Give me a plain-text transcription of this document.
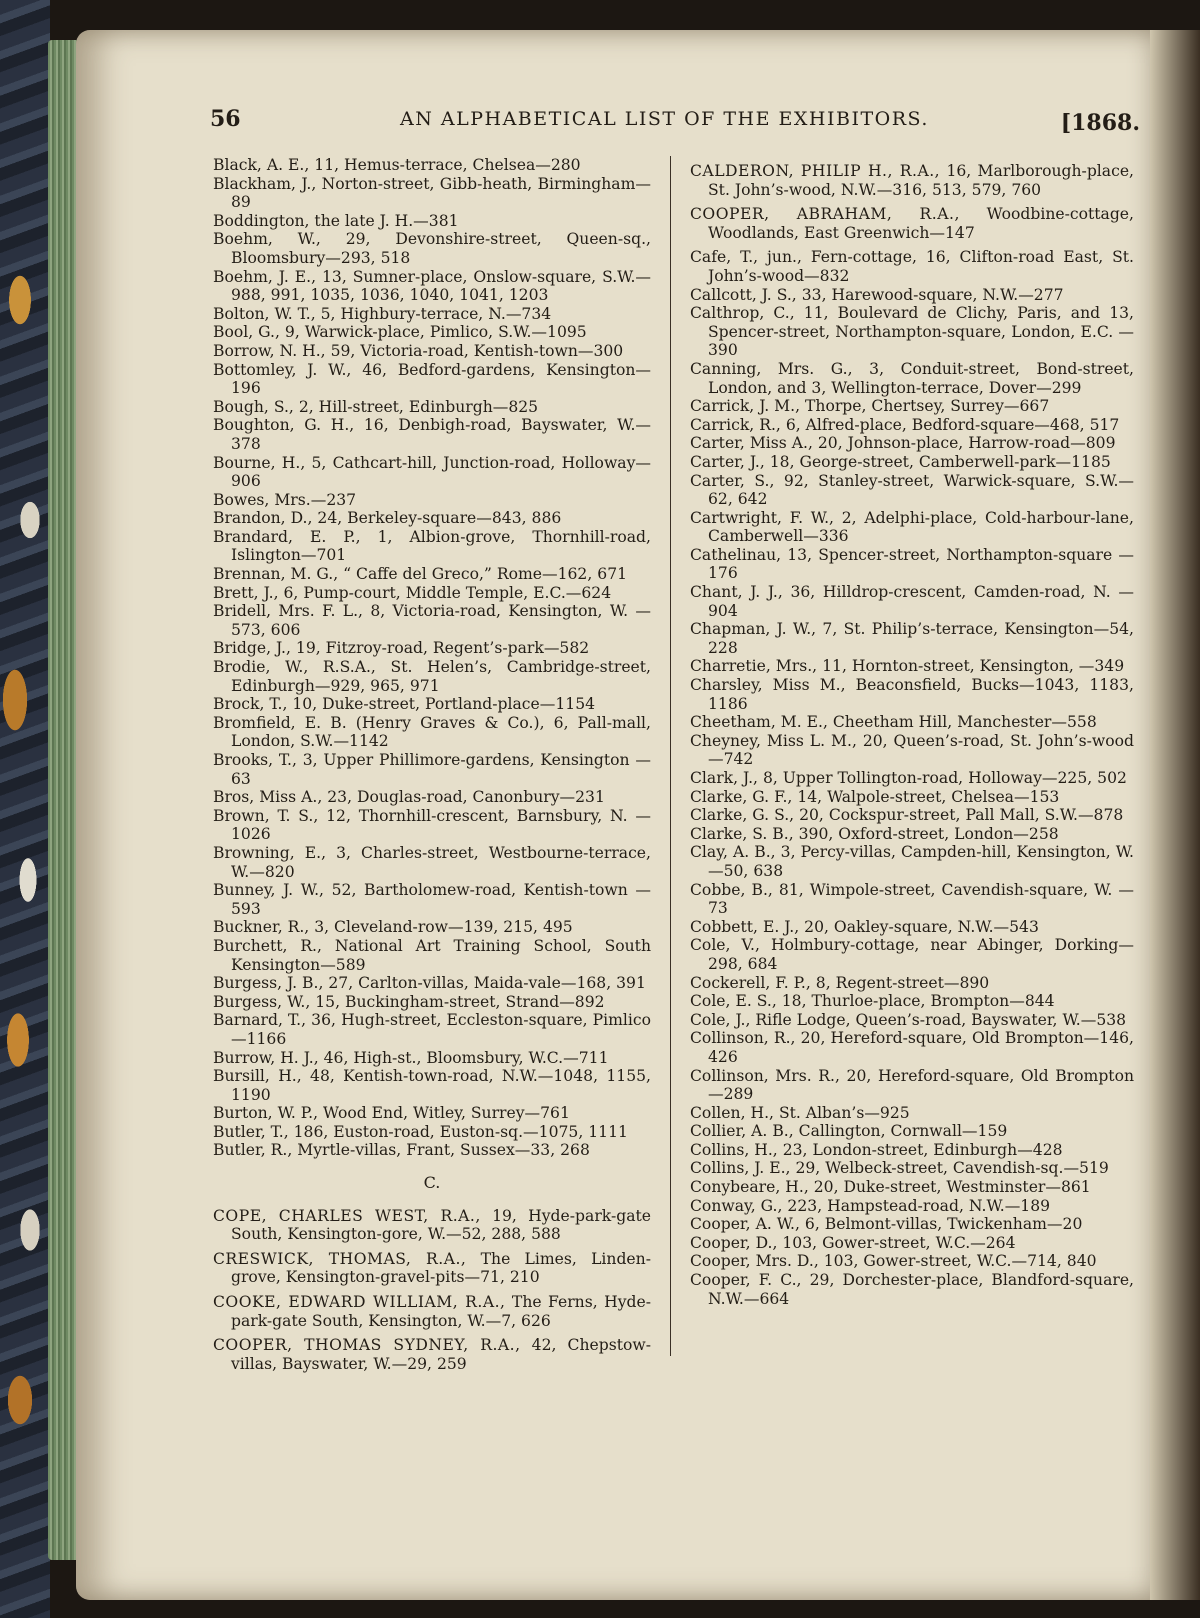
56	AN ALPHABETICAL LIST OF THE EXHIBITORS.	[1868.

Black, A. E., 11, Hemus-terrace, Chelsea—280

Blackham, J., Norton-street, Gibb-heath, Birmingham—89

Boddington, the late J. H.—381

Boehm, W., 29, Devonshire-street, Queen-sq., Bloomsbury—293, 518

Boehm, J. E., 13, Sumner-place, Onslow-square, S.W.—988, 991, 1035, 1036, 1040, 1041, 1203

Bolton, W. T., 5, Highbury-terrace, N.—734

Bool, G., 9, Warwick-place, Pimlico, S.W.—1095

Borrow, N. H., 59, Victoria-road, Kentish-town—300

Bottomley, J. W., 46, Bedford-gardens, Kensington—196

Bough, S., 2, Hill-street, Edinburgh—825

Boughton, G. H., 16, Denbigh-road, Bayswater, W.—378

Bourne, H., 5, Cathcart-hill, Junction-road, Holloway—906

Bowes, Mrs.—237

Brandon, D., 24, Berkeley-square—843, 886

Brandard, E. P., 1, Albion-grove, Thornhill-road, Islington—701

Brennan, M. G., “ Caffe del Greco,” Rome—162, 671

Brett, J., 6, Pump-court, Middle Temple, E.C.—624

Bridell, Mrs. F. L., 8, Victoria-road, Kensington, W. —573, 606

Bridge, J., 19, Fitzroy-road, Regent’s-park—582

Brodie, W., R.S.A., St. Helen’s, Cambridge-street, Edinburgh—929, 965, 971

Brock, T., 10, Duke-street, Portland-place—1154

Bromfield, E. B. (Henry Graves & Co.), 6, Pall-mall, London, S.W.—1142

Brooks, T., 3, Upper Phillimore-gardens, Kensington —63

Bros, Miss A., 23, Douglas-road, Canonbury—231

Brown, T. S., 12, Thornhill-crescent, Barnsbury, N. —1026

Browning, E., 3, Charles-street, Westbourne-terrace, W.—820

Bunney, J. W., 52, Bartholomew-road, Kentish-town —593

Buckner, R., 3, Cleveland-row—139, 215, 495

Burchett, R., National Art Training School, South Kensington—589

Burgess, J. B., 27, Carlton-villas, Maida-vale—168, 391

Burgess, W., 15, Buckingham-street, Strand—892

Barnard, T., 36, Hugh-street, Eccleston-square, Pimlico—1166

Burrow, H. J., 46, High-st., Bloomsbury, W.C.—711

Bursill, H., 48, Kentish-town-road, N.W.—1048, 1155, 1190

Burton, W. P., Wood End, Witley, Surrey—761

Butler, T., 186, Euston-road, Euston-sq.—1075, 1111

Butler, R., Myrtle-villas, Frant, Sussex—33, 268

C.

COPE, CHARLES WEST, R.A., 19, Hyde-park-gate South, Kensington-gore, W.—52, 288, 588

CRESWICK, THOMAS, R.A., The Limes, Linden-grove, Kensington-gravel-pits—71, 210

COOKE, EDWARD WILLIAM, R.A., The Ferns, Hyde-park-gate South, Kensington, W.—7, 626

COOPER, THOMAS SYDNEY, R.A., 42, Chepstow-villas, Bayswater, W.—29, 259

CALDERON, PHILIP H., R.A., 16, Marlborough-place, St. John’s-wood, N.W.—316, 513, 579, 760

COOPER, ABRAHAM, R.A., Woodbine-cottage, Woodlands, East Greenwich—147

Cafe, T., jun., Fern-cottage, 16, Clifton-road East, St. John’s-wood—832

Callcott, J. S., 33, Harewood-square, N.W.—277

Calthrop, C., 11, Boulevard de Clichy, Paris, and 13, Spencer-street, Northampton-square, London, E.C. —390

Canning, Mrs. G., 3, Conduit-street, Bond-street, London, and 3, Wellington-terrace, Dover—299

Carrick, J. M., Thorpe, Chertsey, Surrey—667

Carrick, R., 6, Alfred-place, Bedford-square—468, 517

Carter, Miss A., 20, Johnson-place, Harrow-road—809

Carter, J., 18, George-street, Camberwell-park—1185

Carter, S., 92, Stanley-street, Warwick-square, S.W.—62, 642

Cartwright, F. W., 2, Adelphi-place, Cold-harbour-lane, Camberwell—336

Cathelinau, 13, Spencer-street, Northampton-square —176

Chant, J. J., 36, Hilldrop-crescent, Camden-road, N. —904

Chapman, J. W., 7, St. Philip’s-terrace, Kensington—54, 228

Charretie, Mrs., 11, Hornton-street, Kensington, —349

Charsley, Miss M., Beaconsfield, Bucks—1043, 1183, 1186

Cheetham, M. E., Cheetham Hill, Manchester—558

Cheyney, Miss L. M., 20, Queen’s-road, St. John’s-wood—742

Clark, J., 8, Upper Tollington-road, Holloway—225, 502

Clarke, G. F., 14, Walpole-street, Chelsea—153

Clarke, G. S., 20, Cockspur-street, Pall Mall, S.W.—878

Clarke, S. B., 390, Oxford-street, London—258

Clay, A. B., 3, Percy-villas, Campden-hill, Kensington, W.—50, 638

Cobbe, B., 81, Wimpole-street, Cavendish-square, W. —73

Cobbett, E. J., 20, Oakley-square, N.W.—543

Cole, V., Holmbury-cottage, near Abinger, Dorking—298, 684

Cockerell, F. P., 8, Regent-street—890

Cole, E. S., 18, Thurloe-place, Brompton—844

Cole, J., Rifle Lodge, Queen’s-road, Bayswater, W.—538

Collinson, R., 20, Hereford-square, Old Brompton—146, 426

Collinson, Mrs. R., 20, Hereford-square, Old Brompton—289

Collen, H., St. Alban’s—925

Collier, A. B., Callington, Cornwall—159

Collins, H., 23, London-street, Edinburgh—428

Collins, J. E., 29, Welbeck-street, Cavendish-sq.—519

Conybeare, H., 20, Duke-street, Westminster—861

Conway, G., 223, Hampstead-road, N.W.—189

Cooper, A. W., 6, Belmont-villas, Twickenham—20

Cooper, D., 103, Gower-street, W.C.—264

Cooper, Mrs. D., 103, Gower-street, W.C.—714, 840

Cooper, F. C., 29, Dorchester-place, Blandford-square, N.W.—664
